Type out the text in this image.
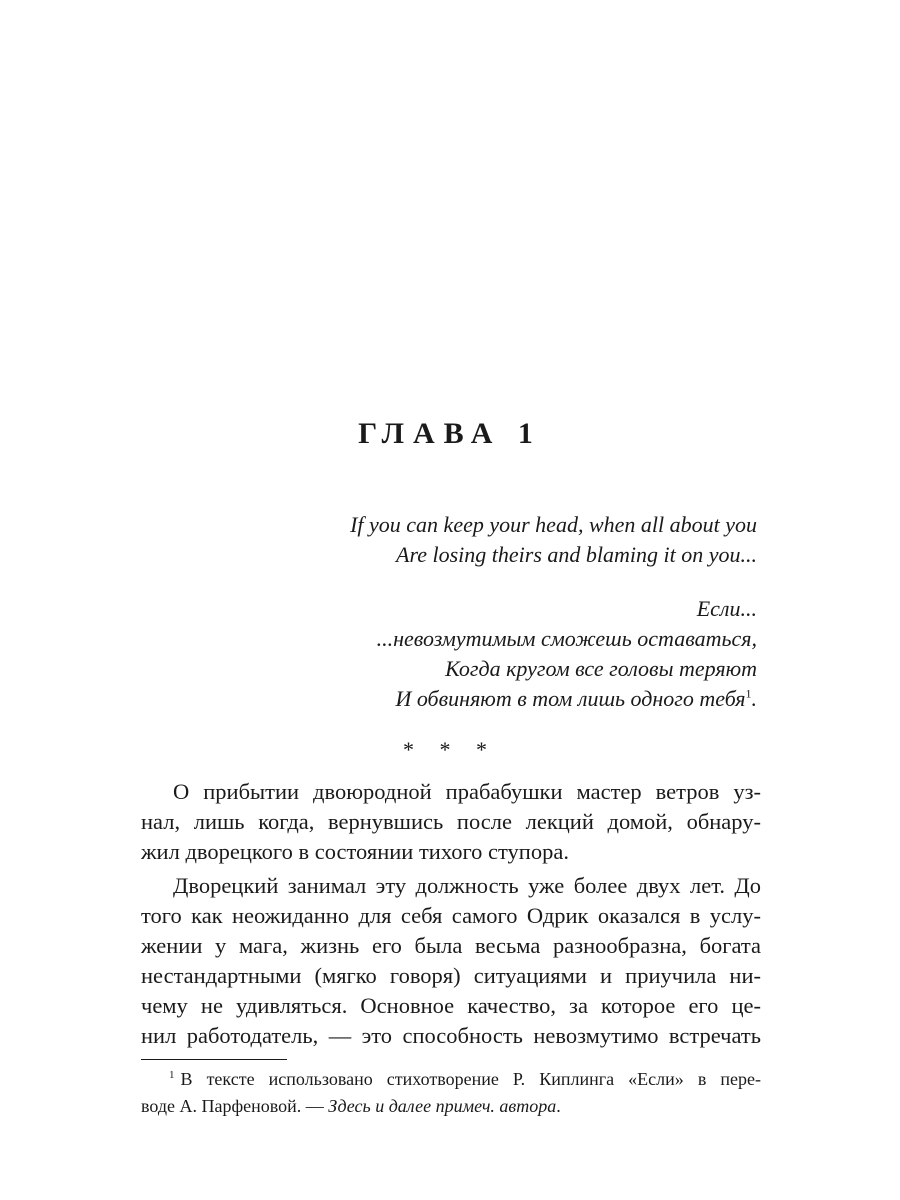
ГЛАВА 1
If you can keep your head, when all about you
Are losing theirs and blaming it on you...
Если...
...невозмутимым сможешь оставаться,
Когда кругом все головы теряют
И обвиняют в том лишь одного тебя$^1$.
* * *
О прибытии двоюродной прабабушки мастер ветров уз-
нал, лишь когда, вернувшись после лекций домой, обнару-
жил дворецкого в состоянии тихого ступора.
Дворецкий занимал эту должность уже более двух лет. До
того как неожиданно для себя самого Одрик оказался в услу-
жении у мага, жизнь его была весьма разнообразна, богата
нестандартными (мягко говоря) ситуациями и приучила ни-
чему не удивляться. Основное качество, за которое его це-
нил работодатель, — это способность невозмутимо встречать
$^1$ В тексте использовано стихотворение Р. Киплинга «Если» в пере-
воде А. Парфеновой. — Здесь и далее примеч. автора.
